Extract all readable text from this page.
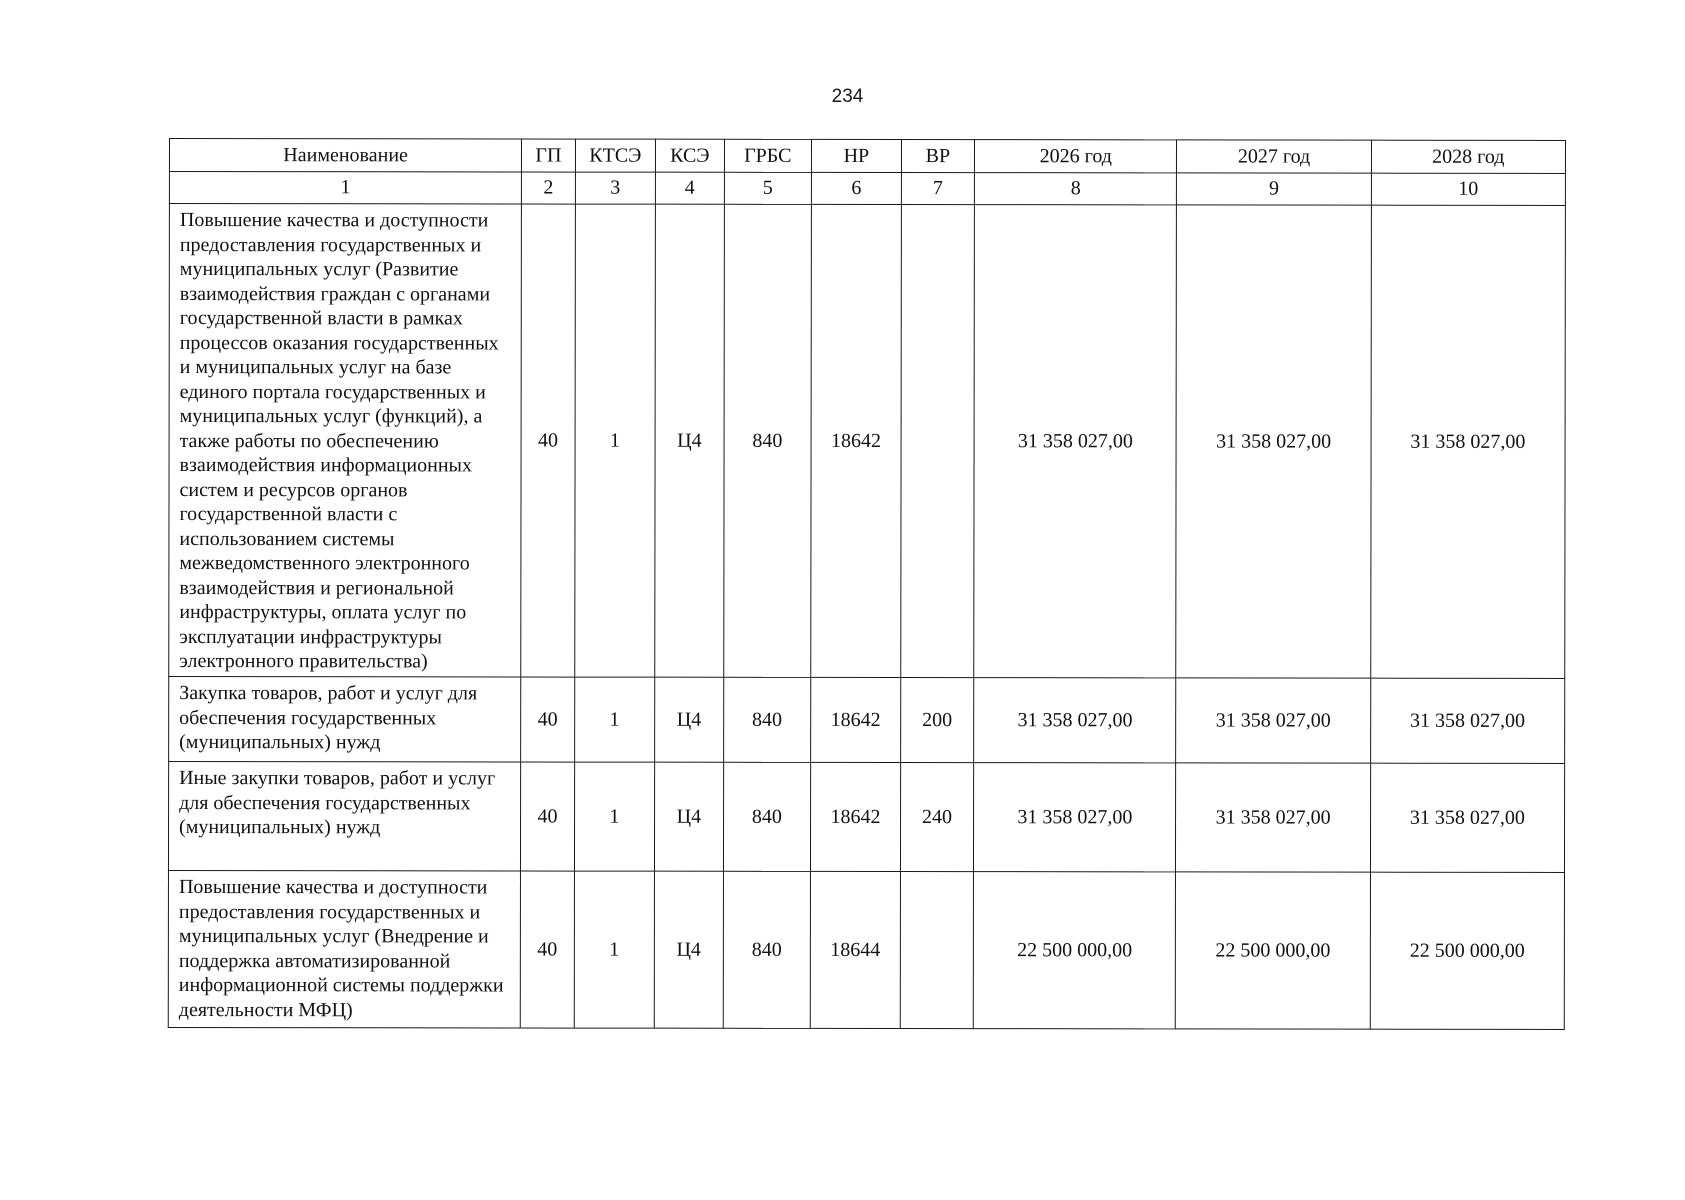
234
Наименование	ГП	КТСЭ	КСЭ	ГРБС	НР	ВР	2026 год	2027 год	2028 год
1	2	3	4	5	6	7	8	9	10
Повышение качества и доступности предоставления государственных и муниципальных услуг (Развитие взаимодействия граждан с органами государственной власти в рамках процессов оказания государственных и муниципальных услуг на базе единого портала государственных и муниципальных услуг (функций), а также работы по обеспечению взаимодействия информационных систем и ресурсов органов государственной власти с использованием системы межведомственного электронного взаимодействия и региональной инфраструктуры, оплата услуг по эксплуатации инфраструктуры электронного правительства)	40	1	Ц4	840	18642		31 358 027,00	31 358 027,00	31 358 027,00
Закупка товаров, работ и услуг для обеспечения государственных (муниципальных) нужд	40	1	Ц4	840	18642	200	31 358 027,00	31 358 027,00	31 358 027,00
Иные закупки товаров, работ и услуг для обеспечения государственных (муниципальных) нужд	40	1	Ц4	840	18642	240	31 358 027,00	31 358 027,00	31 358 027,00
Повышение качества и доступности предоставления государственных и муниципальных услуг (Внедрение и поддержка автоматизированной информационной системы поддержки деятельности МФЦ)	40	1	Ц4	840	18644		22 500 000,00	22 500 000,00	22 500 000,00
